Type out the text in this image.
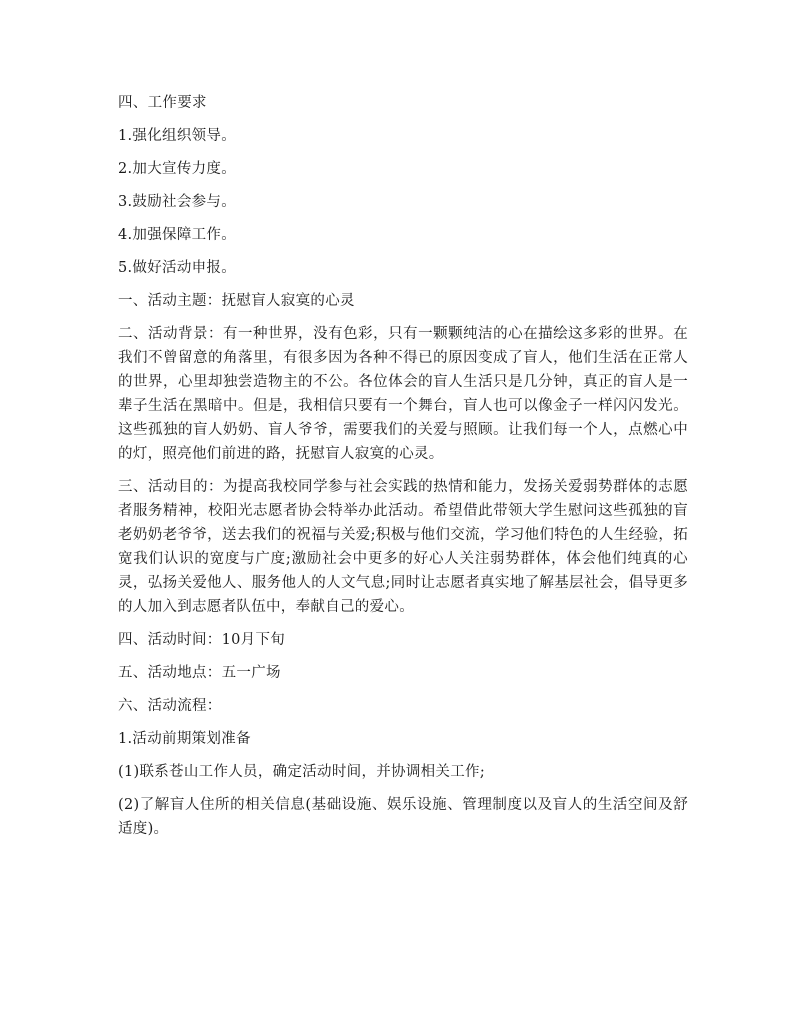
四、工作要求

1.强化组织领导。

2.加大宣传力度。

3.鼓励社会参与。

4.加强保障工作。

5.做好活动申报。

一、活动主题：抚慰盲人寂寞的心灵

二、活动背景：有一种世界，没有色彩，只有一颗颗纯洁的心在描绘这多彩的世界。在我们不曾留意的角落里，有很多因为各种不得已的原因变成了盲人，他们生活在正常人的世界，心里却独尝造物主的不公。各位体会的盲人生活只是几分钟，真正的盲人是一辈子生活在黑暗中。但是，我相信只要有一个舞台，盲人也可以像金子一样闪闪发光。这些孤独的盲人奶奶、盲人爷爷，需要我们的关爱与照顾。让我们每一个人，点燃心中的灯，照亮他们前进的路，抚慰盲人寂寞的心灵。

三、活动目的：为提高我校同学参与社会实践的热情和能力，发扬关爱弱势群体的志愿者服务精神，校阳光志愿者协会特举办此活动。希望借此带领大学生慰问这些孤独的盲老奶奶老爷爷，送去我们的祝福与关爱;积极与他们交流，学习他们特色的人生经验，拓宽我们认识的宽度与广度;激励社会中更多的好心人关注弱势群体，体会他们纯真的心灵，弘扬关爱他人、服务他人的人文气息;同时让志愿者真实地了解基层社会，倡导更多的人加入到志愿者队伍中，奉献自己的爱心。

四、活动时间：10月下旬

五、活动地点：五一广场

六、活动流程：

1.活动前期策划准备

(1)联系苍山工作人员，确定活动时间，并协调相关工作;

(2)了解盲人住所的相关信息(基础设施、娱乐设施、管理制度以及盲人的生活空间及舒适度)。
